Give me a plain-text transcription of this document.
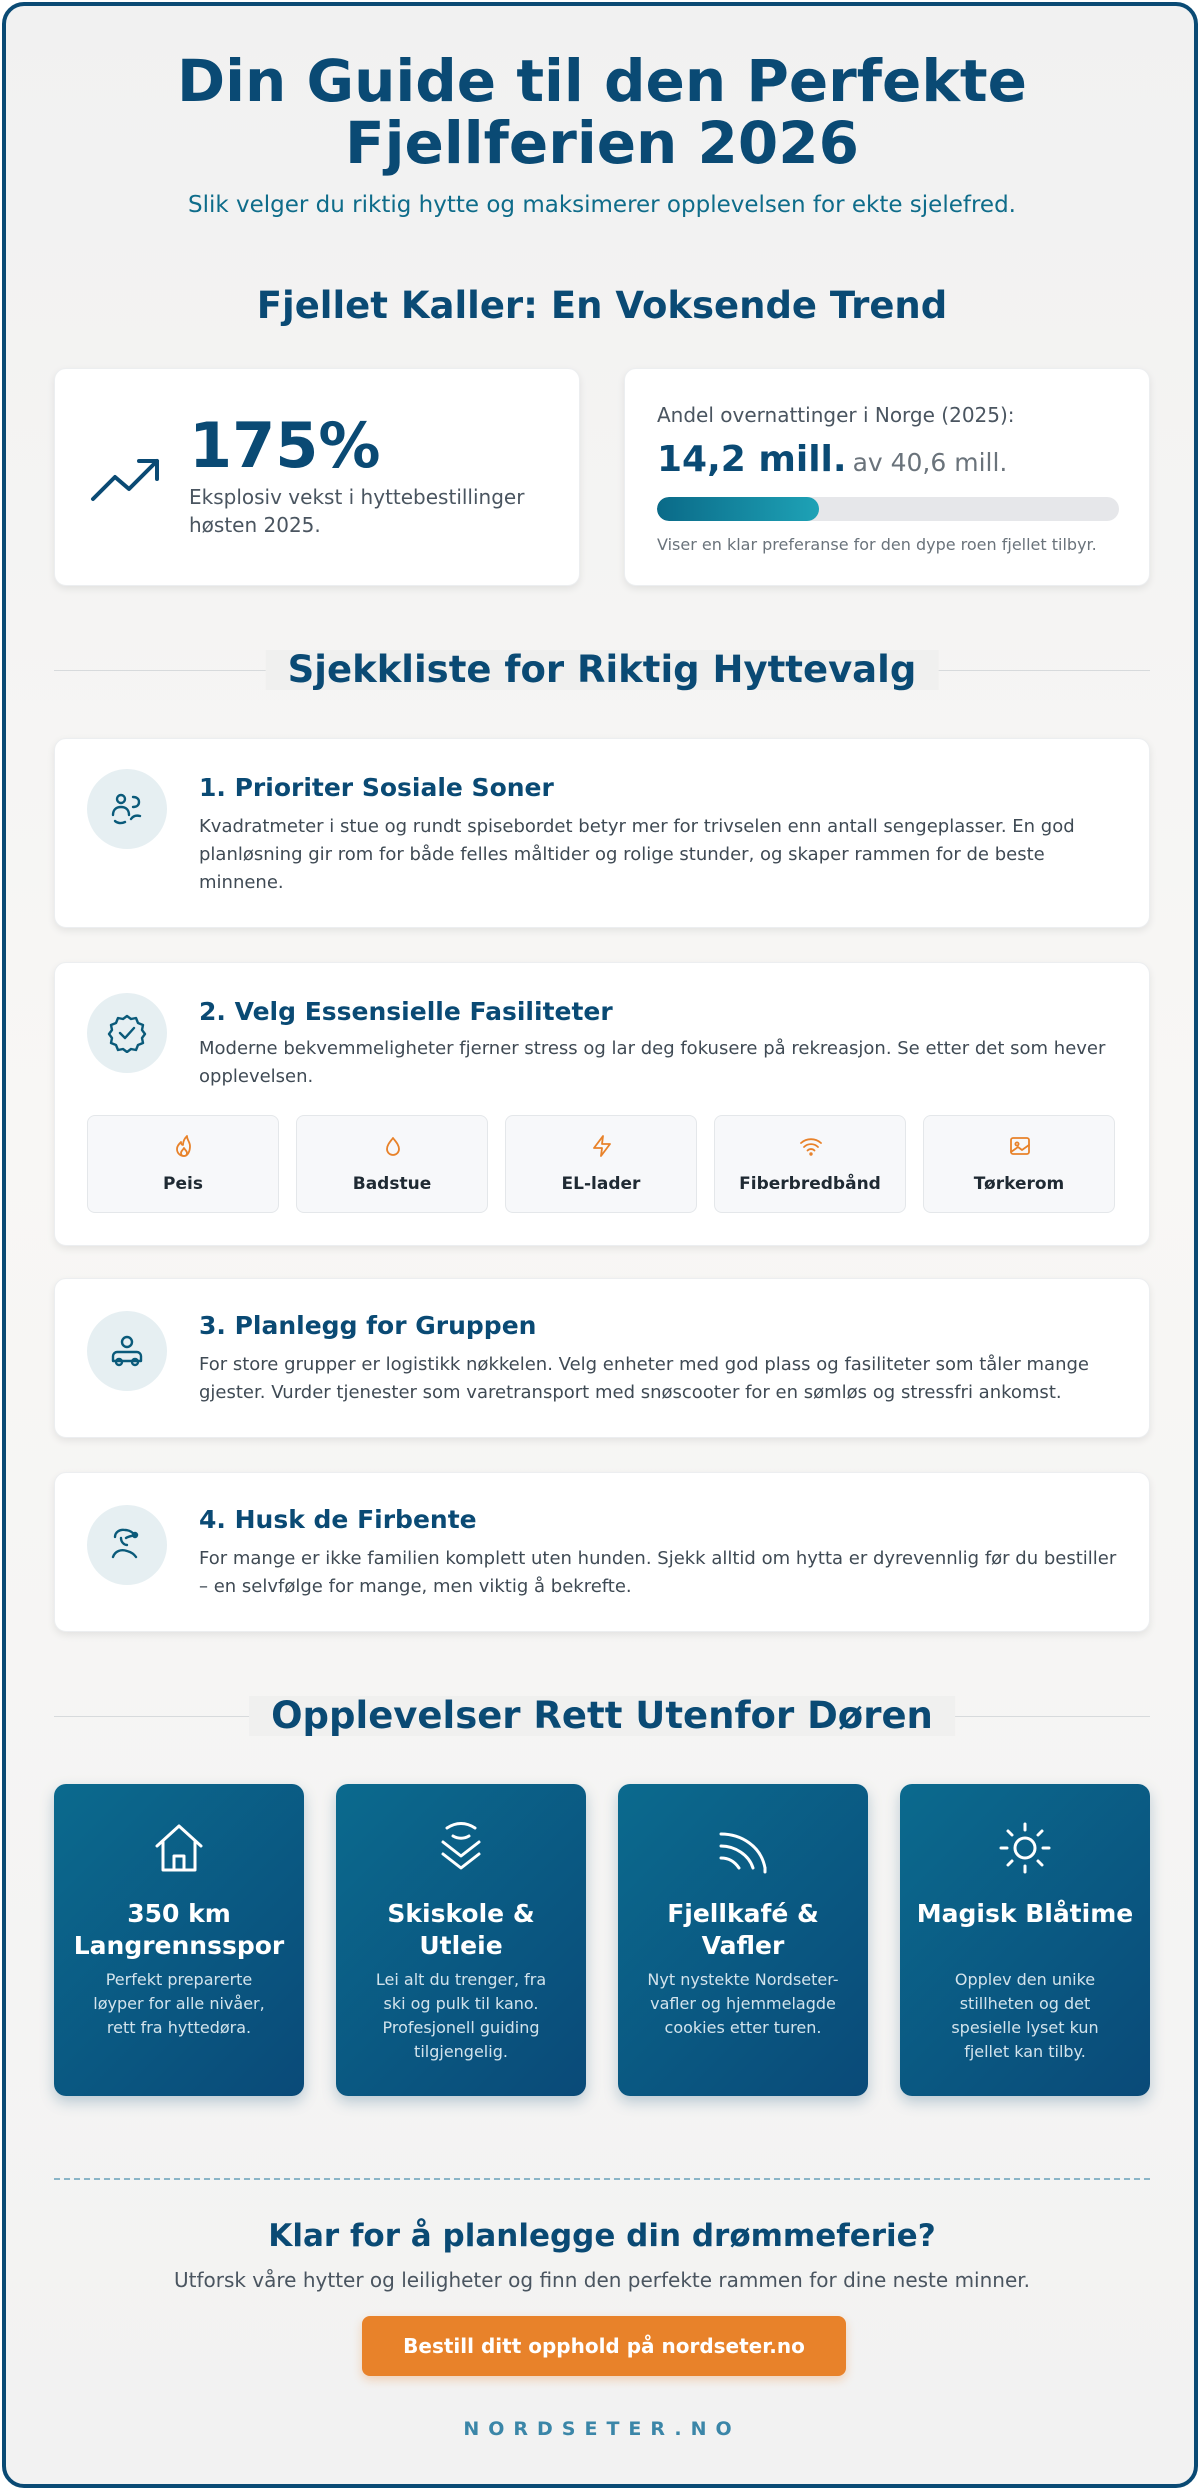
Din Guide til den Perfekte
Fjellferien 2026
Slik velger du riktig hytte og maksimerer opplevelsen for ekte sjelefred.
Fjellet Kaller: En Voksende Trend
175%
Eksplosiv vekst i hyttebestillinger høsten 2025.
Andel overnattinger i Norge (2025):
14,2 mill. av 40,6 mill.
Viser en klar preferanse for den dype roen fjellet tilbyr.
Sjekkliste for Riktig Hyttevalg
1. Prioriter Sosiale Soner
Kvadratmeter i stue og rundt spisebordet betyr mer for trivselen enn antall sengeplasser. En god planløsning gir rom for både felles måltider og rolige stunder, og skaper rammen for de beste minnene.
2. Velg Essensielle Fasiliteter
Moderne bekvemmeligheter fjerner stress og lar deg fokusere på rekreasjon. Se etter det som hever opplevelsen.
Peis	Badstue	EL-lader	Fiberbredbånd	Tørkerom
3. Planlegg for Gruppen
For store grupper er logistikk nøkkelen. Velg enheter med god plass og fasiliteter som tåler mange gjester. Vurder tjenester som varetransport med snøscooter for en sømløs og stressfri ankomst.
4. Husk de Firbente
For mange er ikke familien komplett uten hunden. Sjekk alltid om hytta er dyrevennlig før du bestiller – en selvfølge for mange, men viktig å bekrefte.
Opplevelser Rett Utenfor Døren
350 km Langrennsspor
Perfekt preparerte løyper for alle nivåer, rett fra hyttedøra.
Skiskole & Utleie
Lei alt du trenger, fra ski og pulk til kano. Profesjonell guiding tilgjengelig.
Fjellkafé & Vafler
Nyt nystekte Nordseter-vafler og hjemmelagde cookies etter turen.
Magisk Blåtime
Opplev den unike stillheten og det spesielle lyset kun fjellet kan tilby.
Klar for å planlegge din drømmeferie?
Utforsk våre hytter og leiligheter og finn den perfekte rammen for dine neste minner.
Bestill ditt opphold på nordseter.no
NORDSETER.NO
